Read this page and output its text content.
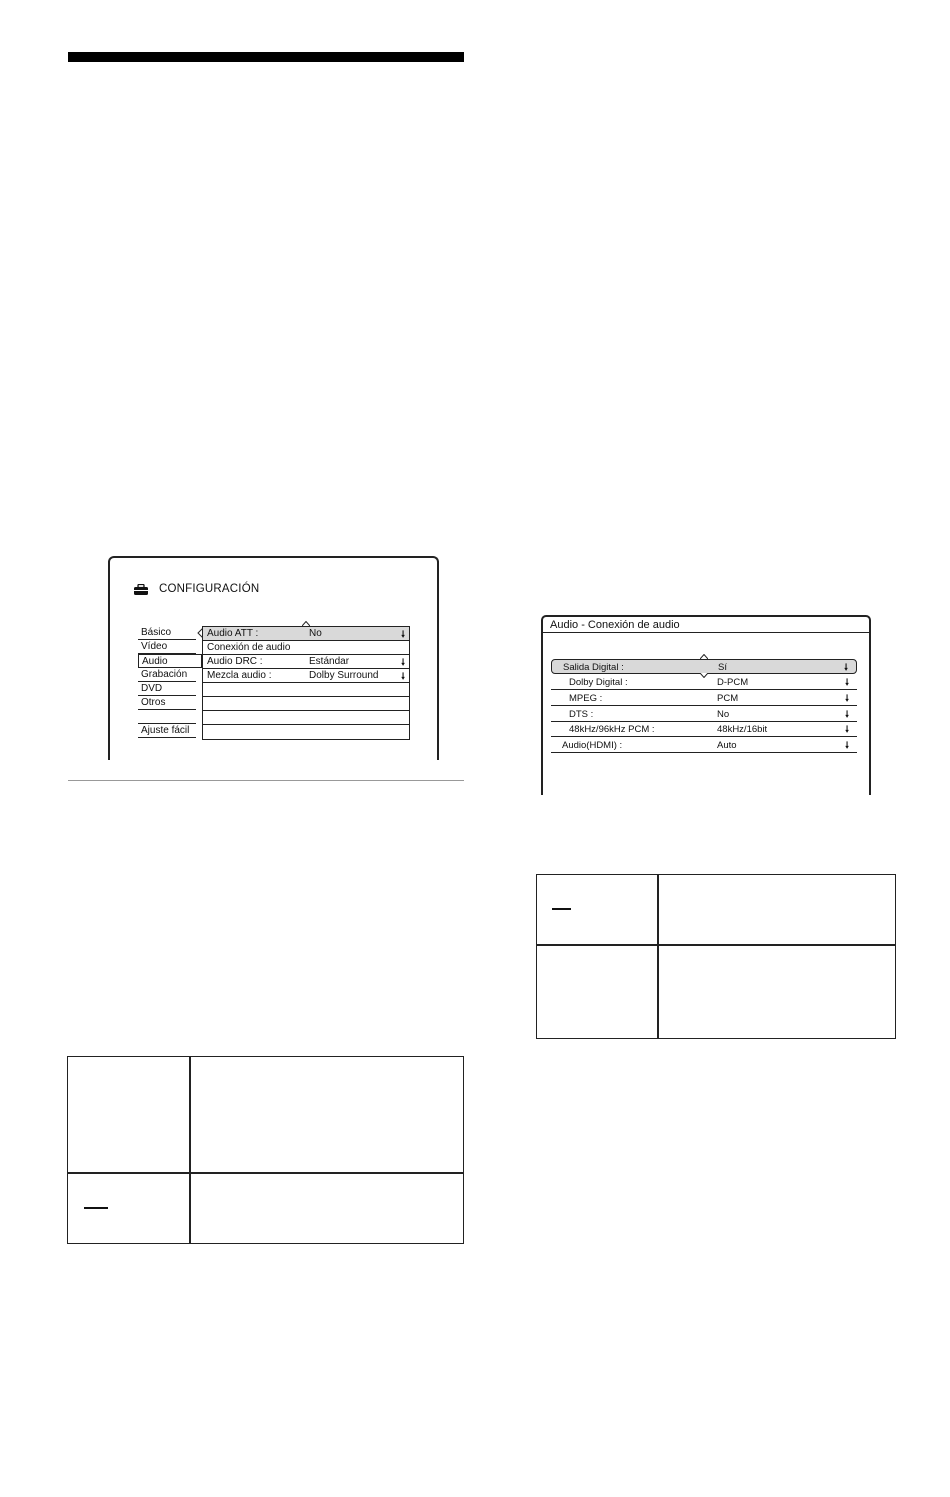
CONFIGURACIÓN
Básico
Vídeo
Audio
Grabación
DVD
Otros
Ajuste fácil
Audio ATT :	No	🠗
Conexión de audio
Audio DRC :	Estándar	🠗
Mezcla audio :	Dolby Surround	🠗
Audio - Conexión de audio
Salida Digital :	Sí	🠗
Dolby Digital :	D-PCM	🠗
MPEG :	PCM	🠗
DTS :	No	🠗
48kHz/96kHz PCM :	48kHz/16bit	🠗
Audio(HDMI) :	Auto	🠗
